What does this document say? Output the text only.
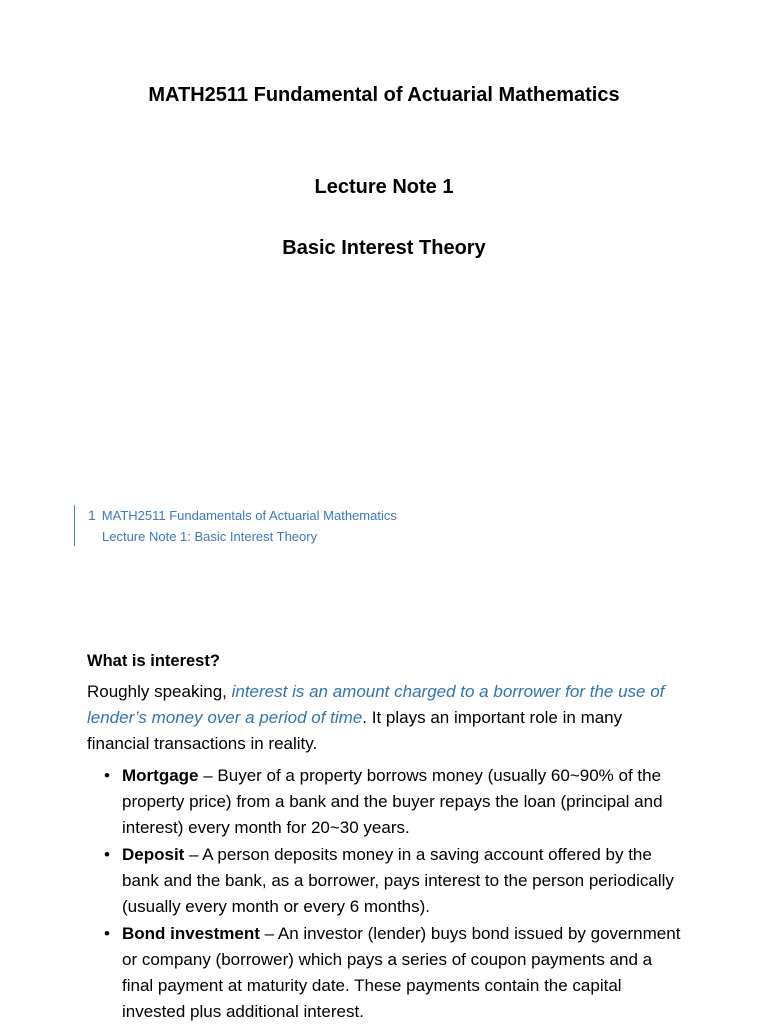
MATH2511 Fundamental of Actuarial Mathematics
Lecture Note 1
Basic Interest Theory
1 MATH2511 Fundamentals of Actuarial Mathematics
Lecture Note 1: Basic Interest Theory
What is interest?

Roughly speaking, interest is an amount charged to a borrower for the use of lender’s money over a period of time. It plays an important role in many financial transactions in reality.

• Mortgage – Buyer of a property borrows money (usually 60~90% of the property price) from a bank and the buyer repays the loan (principal and interest) every month for 20~30 years.
• Deposit – A person deposits money in a saving account offered by the bank and the bank, as a borrower, pays interest to the person periodically (usually every month or every 6 months).
• Bond investment – An investor (lender) buys bond issued by government or company (borrower) which pays a series of coupon payments and a final payment at maturity date. These payments contain the capital invested plus additional interest.
